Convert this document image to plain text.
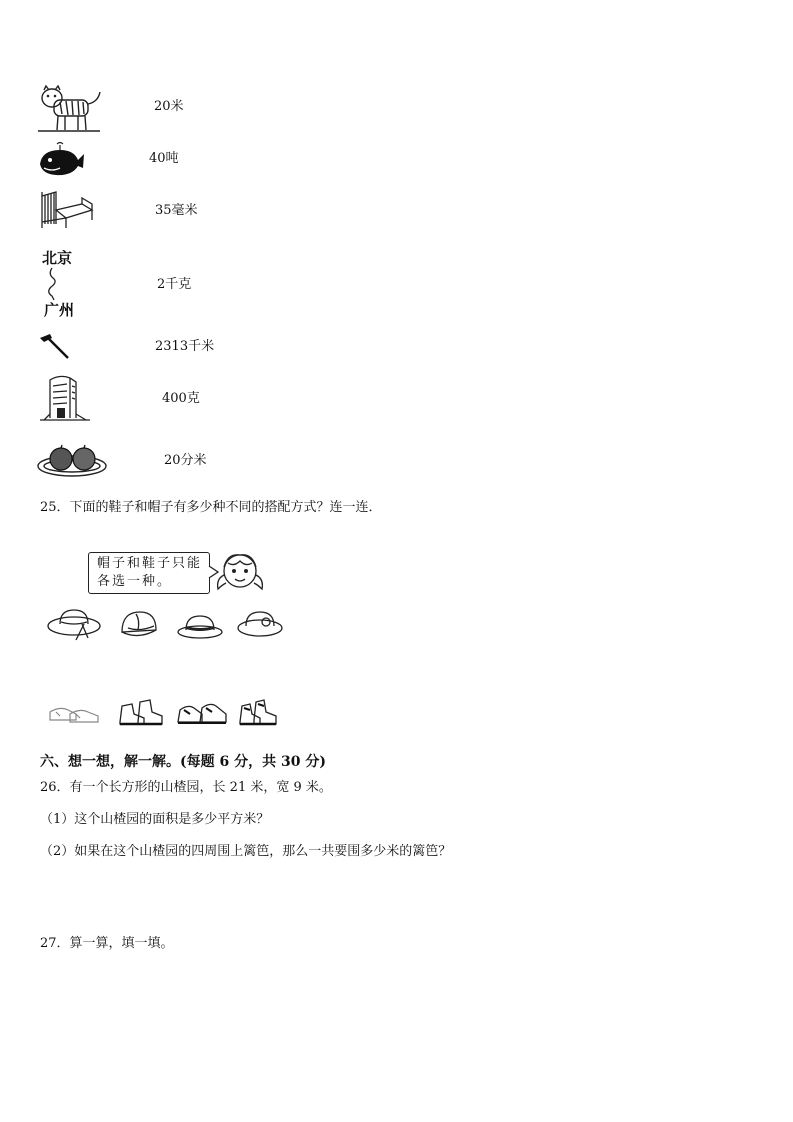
20米
40吨
35毫米
北京
广州
2千克
2313千米
400克
20分米
25．下面的鞋子和帽子有多少种不同的搭配方式？连一连．
帽子和鞋子只能
各选一种。
六、想一想，解一解。(每题 6 分，共 30 分)
26．有一个长方形的山楂园，长 21 米，宽 9 米。
（1）这个山楂园的面积是多少平方米？
（2）如果在这个山楂园的四周围上篱笆，那么一共要围多少米的篱笆？
27．算一算，填一填。
